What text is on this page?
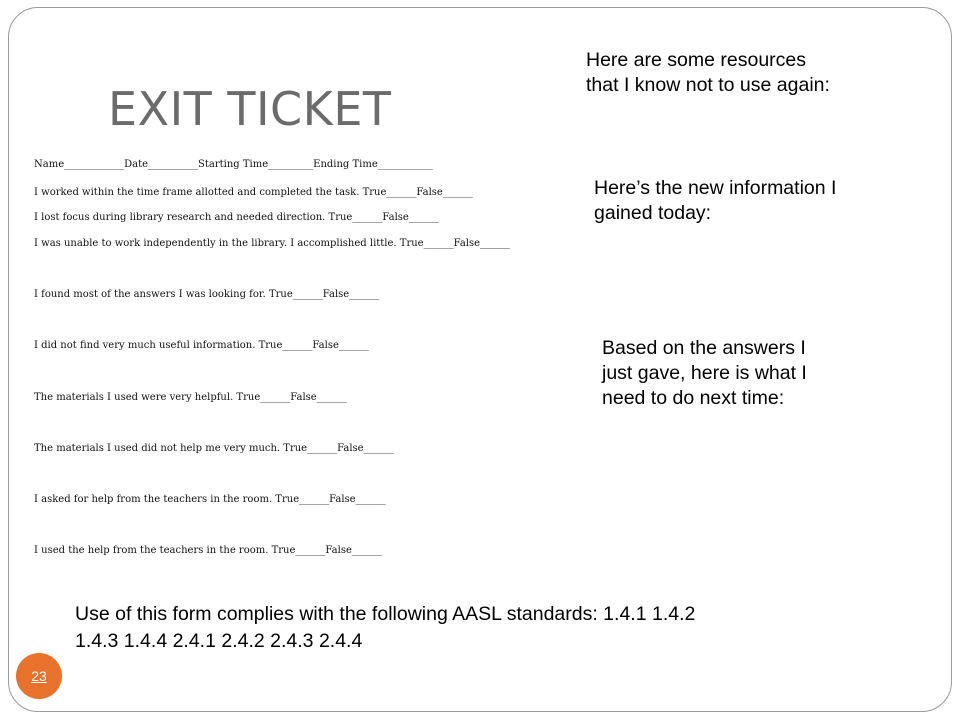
EXIT TICKET
Name____________Date__________Starting Time_________Ending Time___________
I worked within the time frame allotted and completed the task. True______False______
I lost focus during library research and needed direction. True______False______
I was unable to work independently in the library. I accomplished little. True______False______
I found most of the answers I was looking for. True______False______
I did not find very much useful information. True______False______
The materials I used were very helpful. True______False______
The materials I used did not help me very much. True______False______
I asked for help from the teachers in the room. True______False______
I used the help from the teachers in the room. True______False______
Here are some resources
that I know not to use again:
Here’s the new information I
gained today:
Based on the answers I
just gave, here is what I
need to do next time:
Use of this form complies with the following AASL standards: 1.4.1 1.4.2
1.4.3 1.4.4 2.4.1 2.4.2 2.4.3 2.4.4
23
